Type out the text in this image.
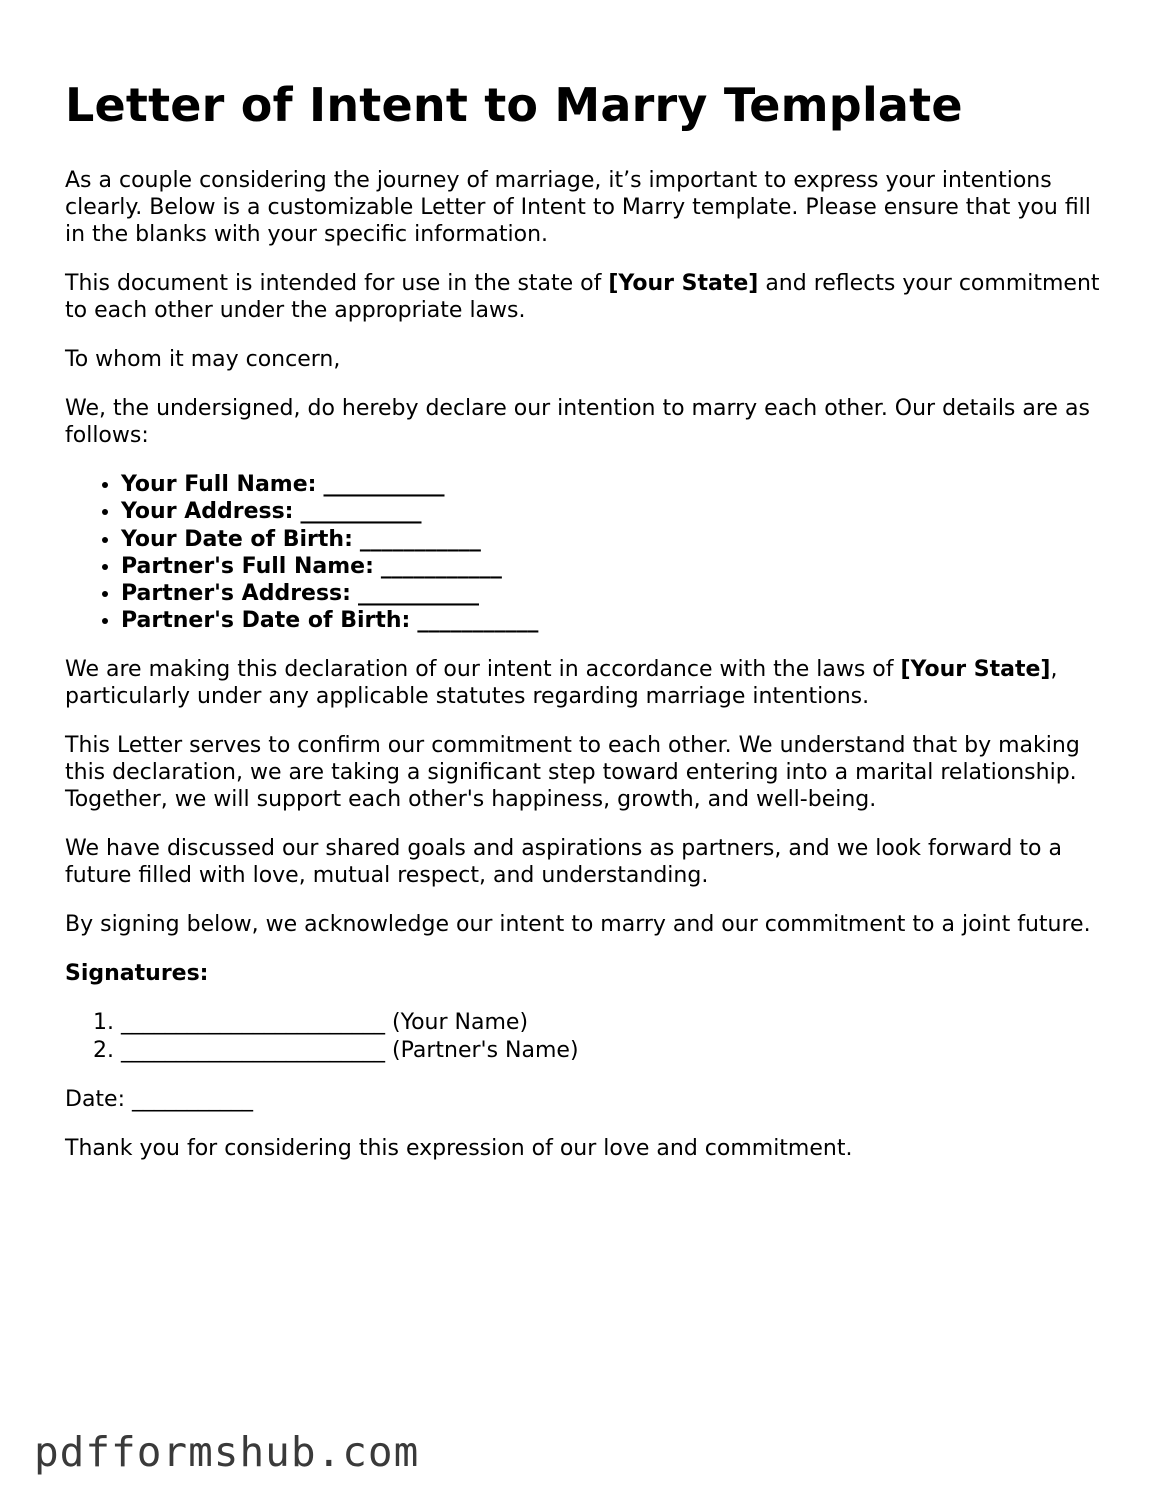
Letter of Intent to Marry Template

As a couple considering the journey of marriage, it’s important to express your intentions clearly. Below is a customizable Letter of Intent to Marry template. Please ensure that you fill in the blanks with your specific information.

This document is intended for use in the state of [Your State] and reflects your commitment to each other under the appropriate laws.

To whom it may concern,

We, the undersigned, do hereby declare our intention to marry each other. Our details are as follows:

• Your Full Name: ___________
• Your Address: ___________
• Your Date of Birth: ___________
• Partner's Full Name: ___________
• Partner's Address: ___________
• Partner's Date of Birth: ___________

We are making this declaration of our intent in accordance with the laws of [Your State], particularly under any applicable statutes regarding marriage intentions.

This Letter serves to confirm our commitment to each other. We understand that by making this declaration, we are taking a significant step toward entering into a marital relationship. Together, we will support each other's happiness, growth, and well-being.

We have discussed our shared goals and aspirations as partners, and we look forward to a future filled with love, mutual respect, and understanding.

By signing below, we acknowledge our intent to marry and our commitment to a joint future.

Signatures:

1. ________________________ (Your Name)
2. ________________________ (Partner's Name)

Date: ___________

Thank you for considering this expression of our love and commitment.

pdfformshub.com
